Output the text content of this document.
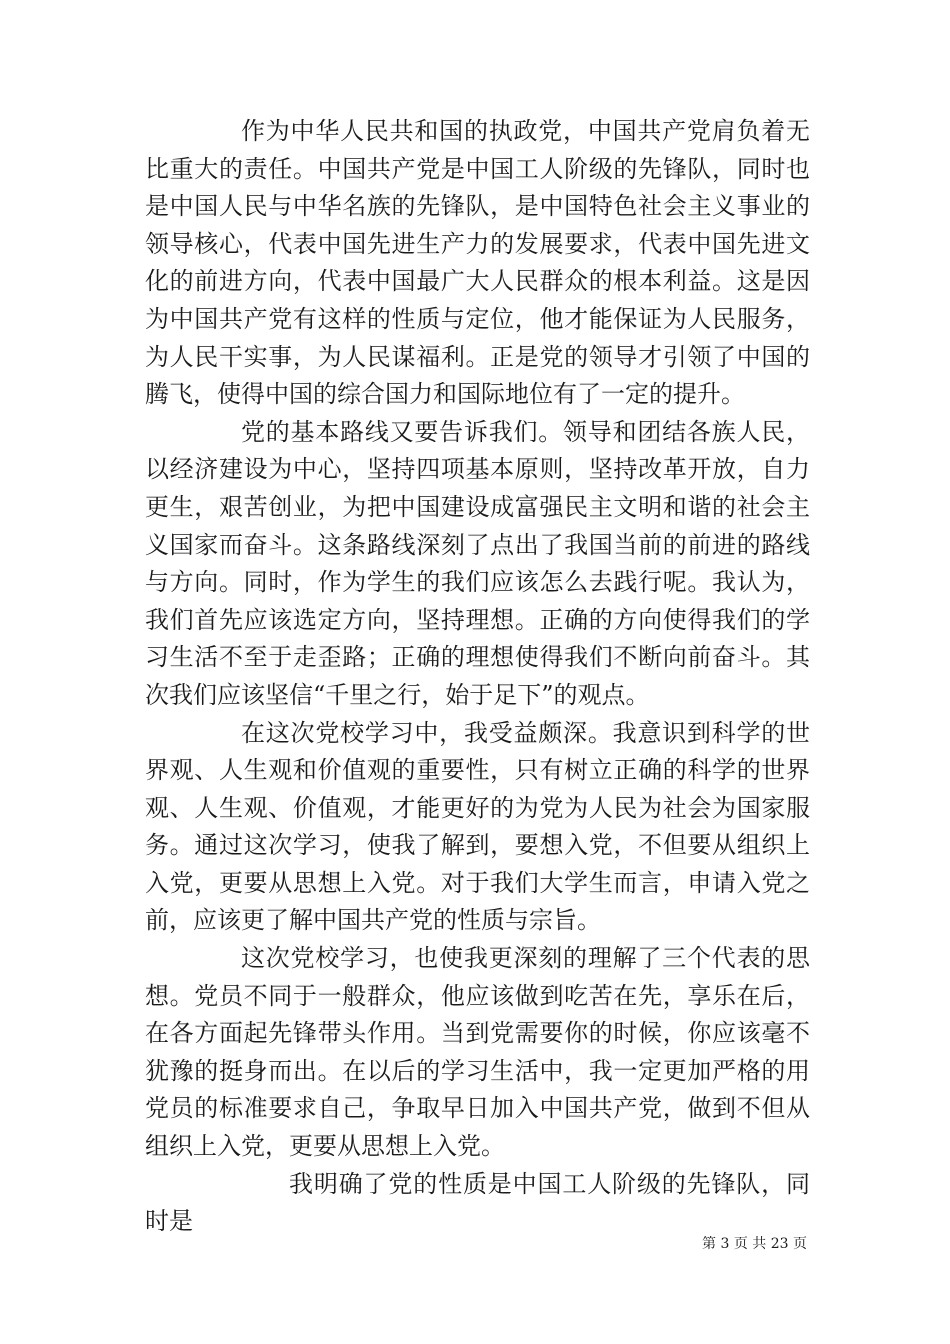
作为中华人民共和国的执政党，中国共产党肩负着无比重大的责任。中国共产党是中国工人阶级的先锋队，同时也是中国人民与中华名族的先锋队，是中国特色社会主义事业的领导核心，代表中国先进生产力的发展要求，代表中国先进文化的前进方向，代表中国最广大人民群众的根本利益。这是因为中国共产党有这样的性质与定位，他才能保证为人民服务，为人民干实事，为人民谋福利。正是党的领导才引领了中国的腾飞，使得中国的综合国力和国际地位有了一定的提升。

党的基本路线又要告诉我们。领导和团结各族人民，以经济建设为中心，坚持四项基本原则，坚持改革开放，自力更生，艰苦创业，为把中国建设成富强民主文明和谐的社会主义国家而奋斗。这条路线深刻了点出了我国当前的前进的路线与方向。同时，作为学生的我们应该怎么去践行呢。我认为，我们首先应该选定方向，坚持理想。正确的方向使得我们的学习生活不至于走歪路；正确的理想使得我们不断向前奋斗。其次我们应该坚信“千里之行，始于足下”的观点。

在这次党校学习中，我受益颇深。我意识到科学的世界观、人生观和价值观的重要性，只有树立正确的科学的世界观、人生观、价值观，才能更好的为党为人民为社会为国家服务。通过这次学习，使我了解到，要想入党，不但要从组织上入党，更要从思想上入党。对于我们大学生而言，申请入党之前，应该更了解中国共产党的性质与宗旨。

这次党校学习，也使我更深刻的理解了三个代表的思想。党员不同于一般群众，他应该做到吃苦在先，享乐在后，在各方面起先锋带头作用。当到党需要你的时候，你应该毫不犹豫的挺身而出。在以后的学习生活中，我一定更加严格的用党员的标准要求自己，争取早日加入中国共产党，做到不但从组织上入党，更要从思想上入党。

我明确了党的性质是中国工人阶级的先锋队，同时是

第 3 页 共 23 页
